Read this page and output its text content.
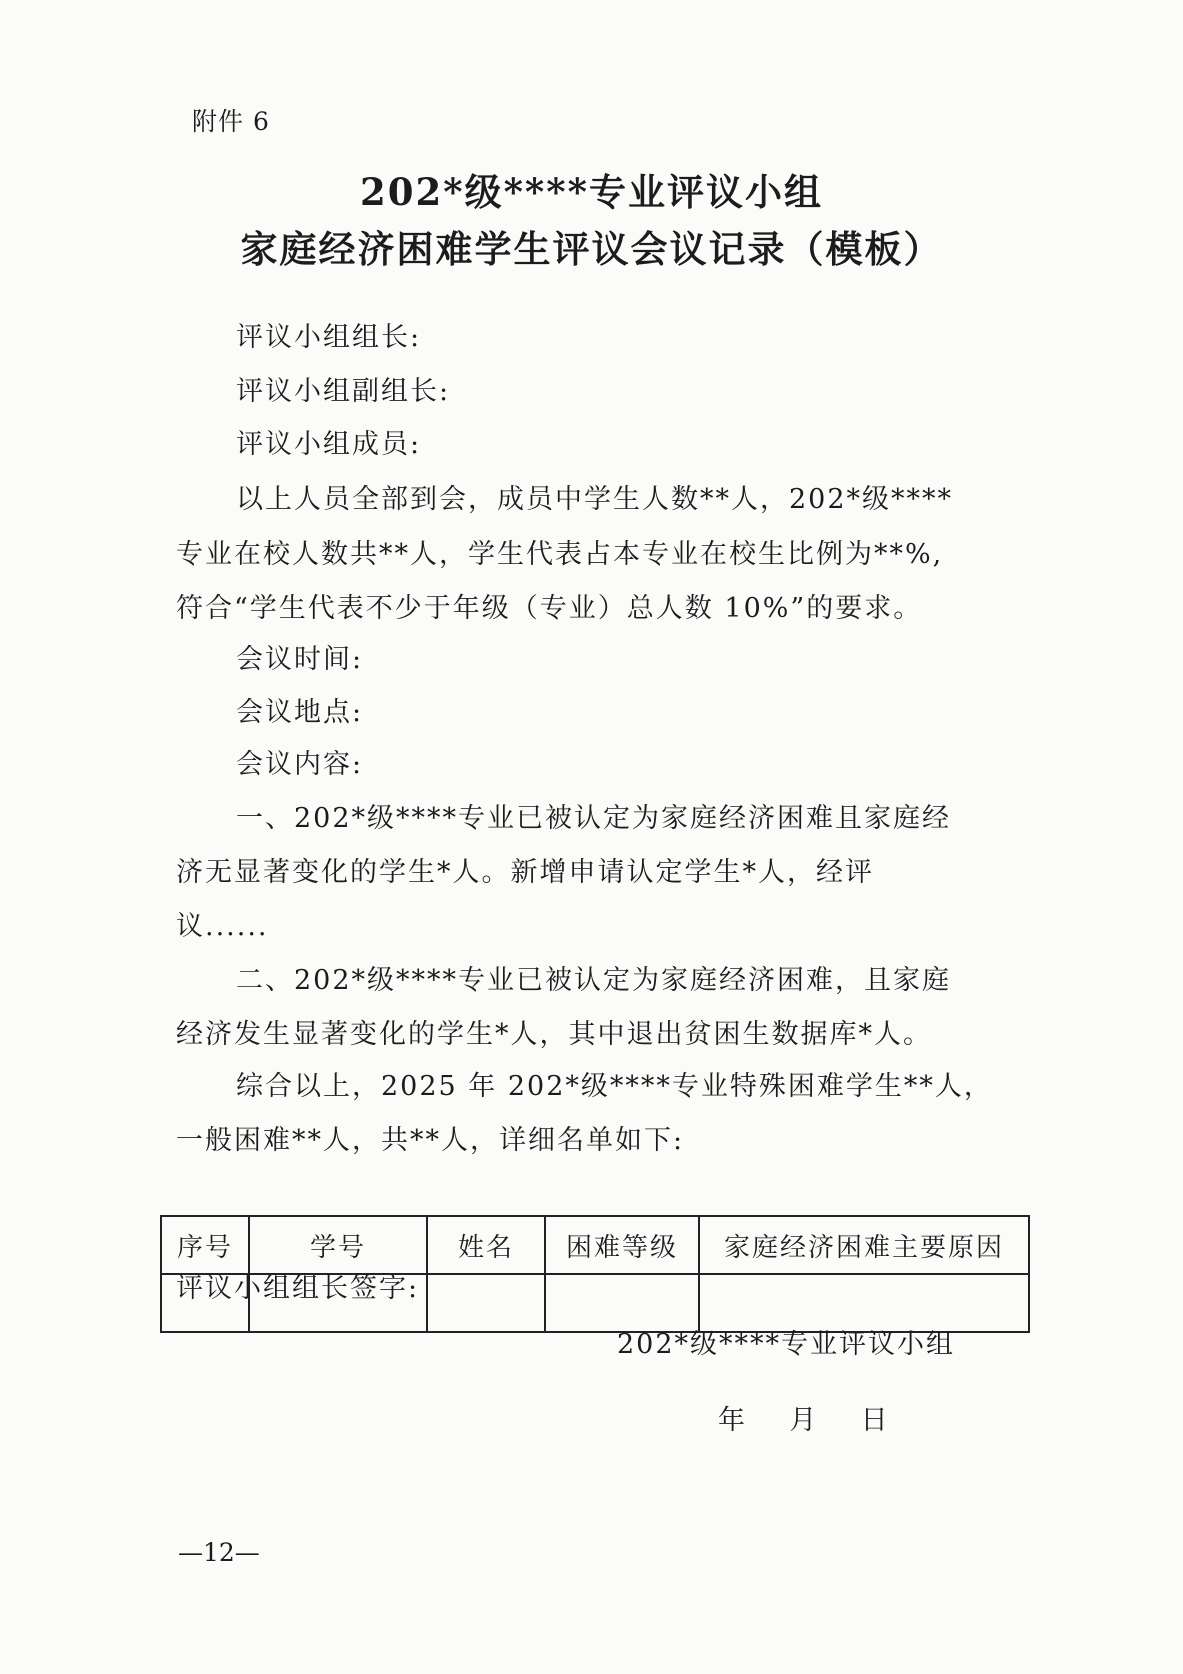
附件 6
202*级****专业评议小组
家庭经济困难学生评议会议记录（模板）
评议小组组长:
评议小组副组长:
评议小组成员:
以上人员全部到会，成员中学生人数**人，202*级****
专业在校人数共**人，学生代表占本专业在校生比例为**%,
符合“学生代表不少于年级（专业）总人数 10%”的要求。
会议时间:
会议地点:
会议内容:
一、202*级****专业已被认定为家庭经济困难且家庭经
济无显著变化的学生*人。新增申请认定学生*人，经评
议......
二、202*级****专业已被认定为家庭经济困难，且家庭
经济发生显著变化的学生*人，其中退出贫困生数据库*人。
综合以上，2025 年 202*级****专业特殊困难学生**人，
一般困难**人，共**人，详细名单如下:
序号	学号	姓名	困难等级	家庭经济困难主要原因

评议小组组长签字:
202*级****专业评议小组
年    月    日
—12—
